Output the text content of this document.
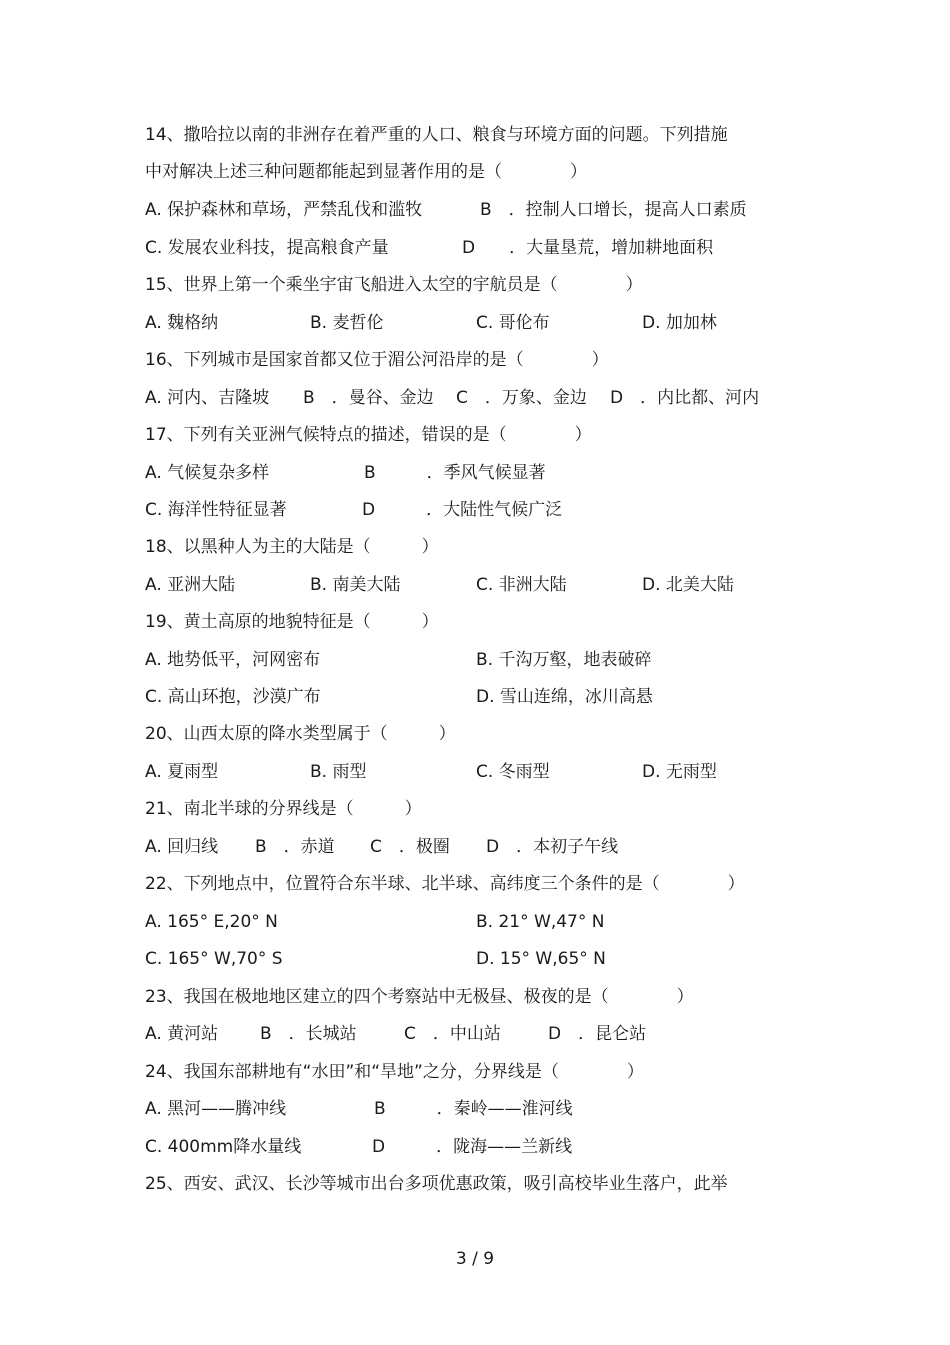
14、撒哈拉以南的非洲存在着严重的人口、粮食与环境方面的问题。下列措施
中对解决上述三种问题都能起到显著作用的是（　　　　）
A. 保护森林和草场，严禁乱伐和滥牧	B　．控制人口增长，提高人口素质
C. 发展农业科技，提高粮食产量	D　　．大量垦荒，增加耕地面积
15、世界上第一个乘坐宇宙飞船进入太空的宇航员是（　　　　）
A. 魏格纳	B. 麦哲伦	C. 哥伦布	D. 加加林
16、下列城市是国家首都又位于湄公河沿岸的是（　　　　）
A. 河内、吉隆坡 B　．曼谷、金边 C　．万象、金边 D　．内比都、河内
17、下列有关亚洲气候特点的描述，错误的是（　　　　）
A. 气候复杂多样	B　　　．季风气候显著
C. 海洋性特征显著	D　　　．大陆性气候广泛
18、以黑种人为主的大陆是（　　　）
A. 亚洲大陆	B. 南美大陆	C. 非洲大陆	D. 北美大陆
19、黄土高原的地貌特征是（　　　）
A. 地势低平，河网密布	B. 千沟万壑，地表破碎
C. 高山环抱，沙漠广布	D. 雪山连绵，冰川高悬
20、山西太原的降水类型属于（　　　）
A. 夏雨型	B. 雨型	C. 冬雨型	D. 无雨型
21、南北半球的分界线是（　　　）
A. 回归线 B　．赤道 C　．极圈 D　．本初子午线
22、下列地点中，位置符合东半球、北半球、高纬度三个条件的是（　　　　）
A. 165° E,20° N	B. 21° W,47° N
C. 165° W,70° S	D. 15° W,65° N
23、我国在极地地区建立的四个考察站中无极昼、极夜的是（　　　　）
A. 黄河站 B　．长城站	C　．中山站	D　．昆仑站
24、我国东部耕地有“水田”和“旱地”之分，分界线是（　　　　）
A. 黑河——腾冲线	B　　　．秦岭——淮河线
C. 400mm降水量线	D　　　．陇海——兰新线
25、西安、武汉、长沙等城市出台多项优惠政策，吸引高校毕业生落户，此举
3 / 9
